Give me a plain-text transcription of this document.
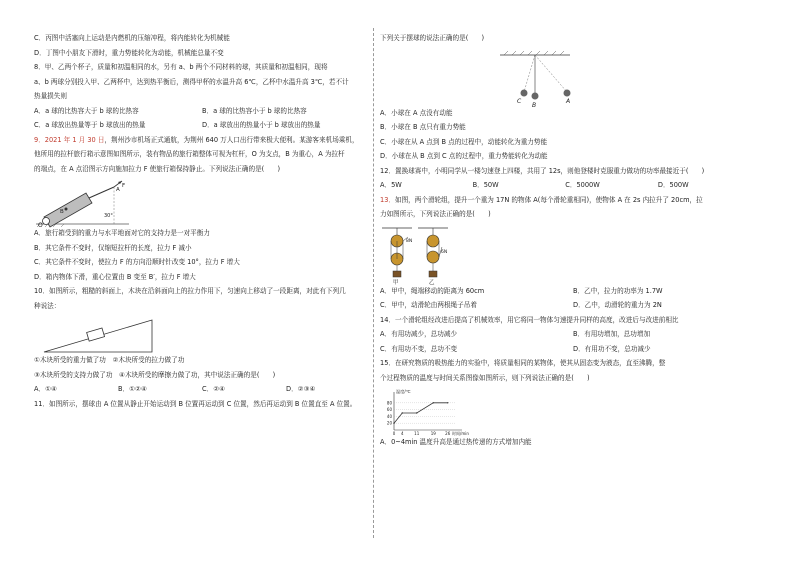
C．丙图中活塞向上运动是内燃机的压缩冲程，将内能转化为机械能
D．丁图中小朋友下滑时，重力势能转化为动能，机械能总量不变
8．甲、乙两个杯子，质量和初温相同的水，另有 a、b 两个不同材料的球，其质量和初温相同，现将
a、b 两球分别投入甲、乙两杯中，达到热平衡后，测得甲杯的水温升高 6℃，乙杯中水温升高 3℃，若不计
热量损失则
A．a 球的比热容大于 b 球的比热容	B．a 球的比热容小于 b 球的比热容
C．a 球放出热量等于 b 球放出的热量	D．a 球放出的热量小于 b 球放出的热量
9．2021 年 1 月 30 日，荆州沙市机场正式通航，为荆州 640 万人口出行带来极大便利。某游客来机场乘机，
他所用的拉杆旅行箱示意图如图所示，装有物品的旅行箱整体可视为杠杆，O 为支点，B 为重心，A 为拉杆
的端点，在 A 点沿图示方向施加拉力 F 使旅行箱保持静止。下列说法正确的是(　　)
O
B
A
F
30°
A．旅行箱受到的重力与水平地面对它的支持力是一对平衡力
B．其它条件不变时，仅缩短拉杆的长度，拉力 F 减小
C．其它条件不变时，使拉力 F 的方向沿顺时针改变 10°，拉力 F 增大
D．箱内物体下滑，重心位置由 B 变至 B′，拉力 F 增大
10．如图所示，粗糙的斜面上，木块在沿斜面向上的拉力作用下，匀速向上移动了一段距离，对此有下列几
种说法：
①木块所受的重力做了功　②木块所受的拉力做了功
③木块所受的支持力做了功　④木块所受的摩擦力做了功，其中说法正确的是(　　)
A．①④	B．①②④	C．②④	D．②③④
11．如图所示，摆球由 A 位置从静止开始运动到 B 位置再运动到 C 位置，然后再运动到 B 位置直至 A 位置。
下列关于摆球的说法正确的是(　　)
C
B
A
A．小球在 A 点没有动能
B．小球在 B 点只有重力势能
C．小球在从 A 点到 B 点的过程中，动能转化为重力势能
D．小球在从 B 点到 C 点的过程中，重力势能转化为动能
12．置换球赛中，小明同学从一楼匀速登上四楼，共用了 12s，则他登楼时克服重力做功的功率最接近于(　　)
A．5W	B．50W	C．5000W	D．500W
13．如图，两个滑轮组，提升一个重为 17N 的物体 A(每个滑轮重相同)，使物体 A 在 2s 内拉升了 20cm，拉
力如图所示，下列说法正确的是(　　)
8N
甲
6N
乙
A．甲中，绳端移动的距离为 60cm	B．乙中，拉力的功率为 1.7W
C．甲中，动滑轮由两根绳子吊着	D．乙中，动滑轮的重力为 2N
14．一个滑轮组经改进后提高了机械效率，用它将同一物体匀速提升同样的高度，改进后与改进前相比
A．有用功减少，总功减少	B．有用功增加，总功增加
C．有用功不变，总功不变	D．有用功不变，总功减少
15．在研究物质的吸热能力的实验中，将质量相同的某物体，使其从固态变为液态，直至沸腾，整
个过程物质的温度与时间关系图像如图所示，则下列说法正确的是(　　)
20
40
60
80
0 4	11	19 26
温度/℃
时间/min
A．0~4min 温度升高是通过热传递的方式增加内能
